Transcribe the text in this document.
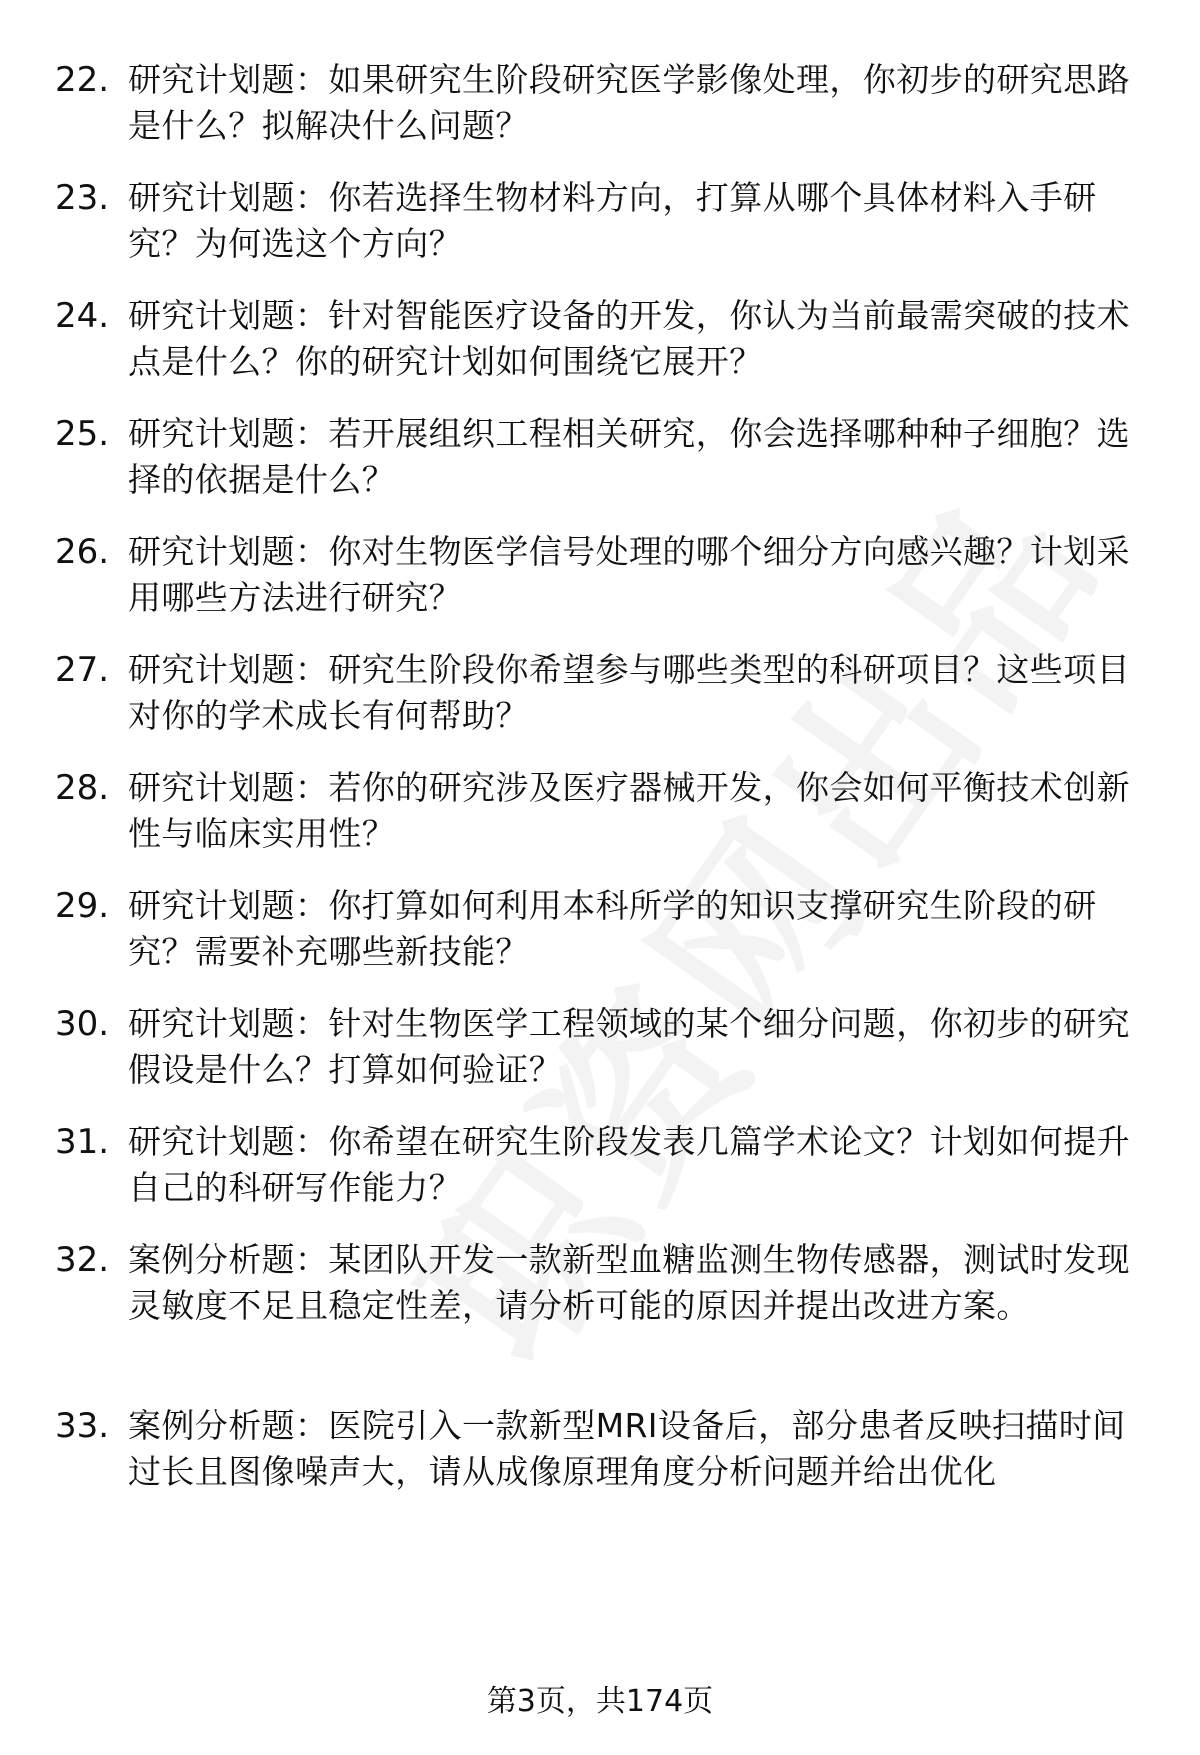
22. 研究计划题：如果研究生阶段研究医学影像处理，你初步的研究思路是什么？拟解决什么问题？
23. 研究计划题：你若选择生物材料方向，打算从哪个具体材料入手研究？为何选这个方向？
24. 研究计划题：针对智能医疗设备的开发，你认为当前最需突破的技术点是什么？你的研究计划如何围绕它展开？
25. 研究计划题：若开展组织工程相关研究，你会选择哪种种子细胞？选择的依据是什么？
26. 研究计划题：你对生物医学信号处理的哪个细分方向感兴趣？计划采用哪些方法进行研究？
27. 研究计划题：研究生阶段你希望参与哪些类型的科研项目？这些项目对你的学术成长有何帮助？
28. 研究计划题：若你的研究涉及医疗器械开发，你会如何平衡技术创新性与临床实用性？
29. 研究计划题：你打算如何利用本科所学的知识支撑研究生阶段的研究？需要补充哪些新技能？
30. 研究计划题：针对生物医学工程领域的某个细分问题，你初步的研究假设是什么？打算如何验证？
31. 研究计划题：你希望在研究生阶段发表几篇学术论文？计划如何提升自己的科研写作能力？
32. 案例分析题：某团队开发一款新型血糖监测生物传感器，测试时发现灵敏度不足且稳定性差，请分析可能的原因并提出改进方案。
33. 案例分析题：医院引入一款新型MRI设备后，部分患者反映扫描时间过长且图像噪声大，请从成像原理角度分析问题并给出优化
第3页，共174页
